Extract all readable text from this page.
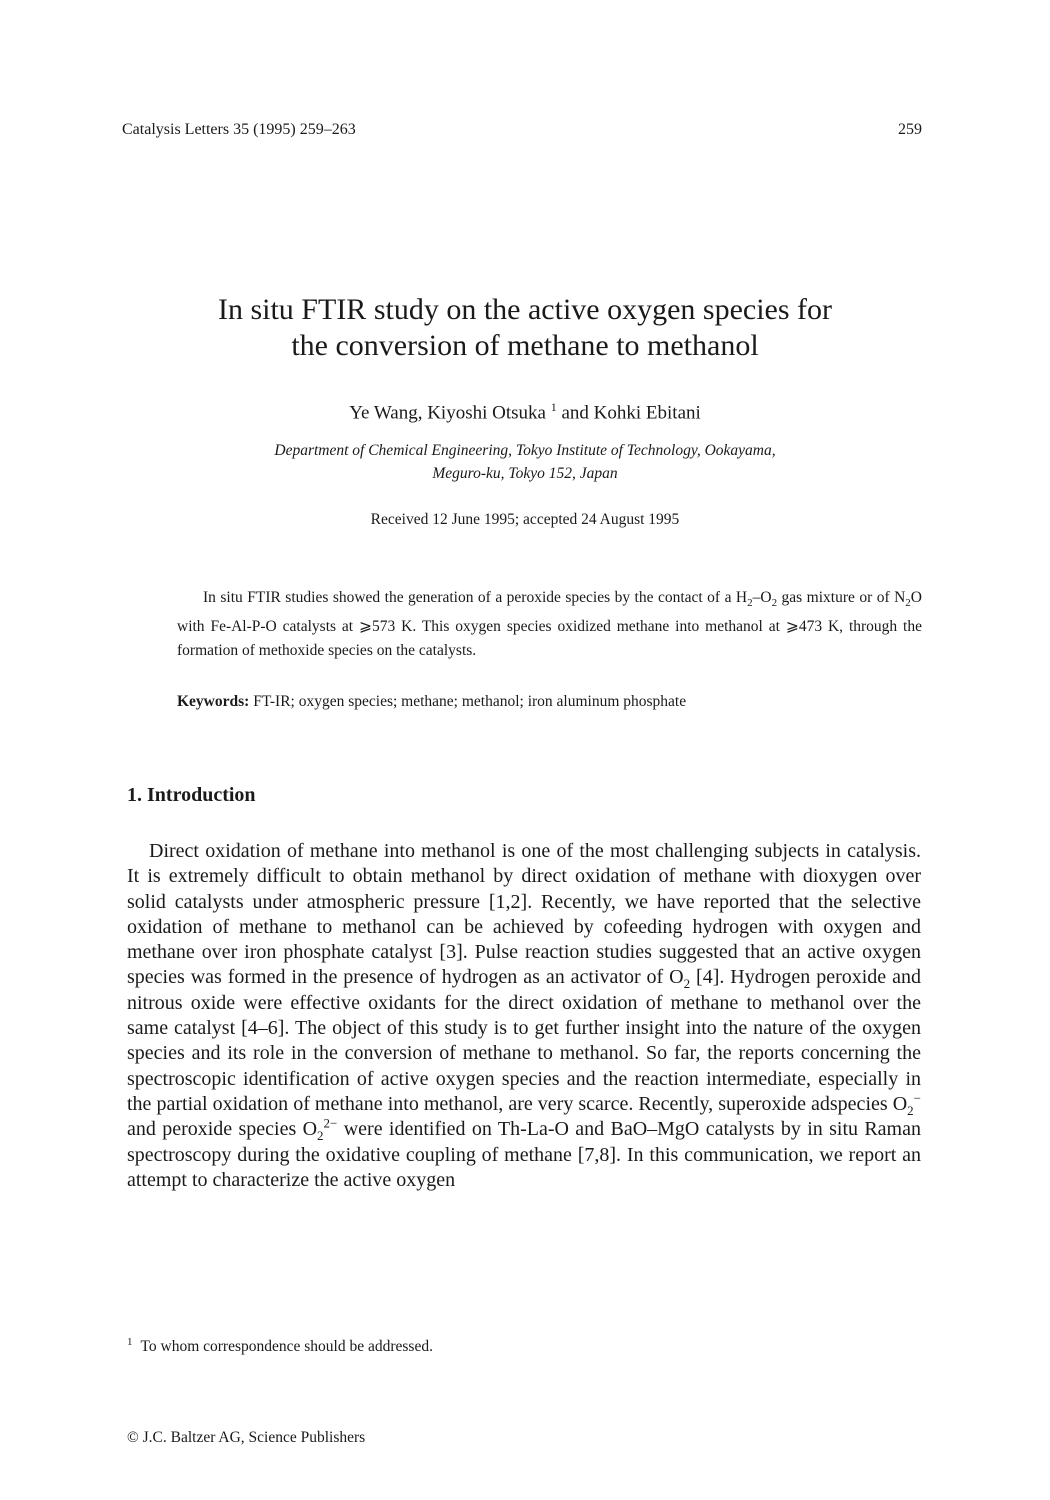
Catalysis Letters 35 (1995) 259–263	259
In situ FTIR study on the active oxygen species for
the conversion of methane to methanol
Ye Wang, Kiyoshi Otsuka $^1$ and Kohki Ebitani
Department of Chemical Engineering, Tokyo Institute of Technology, Ookayama,
Meguro-ku, Tokyo 152, Japan
Received 12 June 1995; accepted 24 August 1995
In situ FTIR studies showed the generation of a peroxide species by the contact of a $H_2-O_2$ gas mixture or of $N_2O$ with Fe-Al-P-O catalysts at ⩾573 K. This oxygen species oxidized methane into methanol at ⩾473 K, through the formation of methoxide species on the catalysts.
Keywords: FT-IR; oxygen species; methane; methanol; iron aluminum phosphate
1. Introduction
Direct oxidation of methane into methanol is one of the most challenging subjects in catalysis. It is extremely difficult to obtain methanol by direct oxidation of methane with dioxygen over solid catalysts under atmospheric pressure [1,2]. Recently, we have reported that the selective oxidation of methane to methanol can be achieved by cofeeding hydrogen with oxygen and methane over iron phosphate catalyst [3]. Pulse reaction studies suggested that an active oxygen species was formed in the presence of hydrogen as an activator of $O_2$ [4]. Hydrogen peroxide and nitrous oxide were effective oxidants for the direct oxidation of methane to methanol over the same catalyst [4–6]. The object of this study is to get further insight into the nature of the oxygen species and its role in the conversion of methane to methanol. So far, the reports concerning the spectroscopic identification of active oxygen species and the reaction intermediate, especially in the partial oxidation of methane into methanol, are very scarce. Recently, superoxide adspecies $O_2^-$ and peroxide species $O_2^{2-}$ were identified on Th-La-O and BaO–MgO catalysts by in situ Raman spectroscopy during the oxidative coupling of methane [7,8]. In this communication, we report an attempt to characterize the active oxygen
$^1$ To whom correspondence should be addressed.
© J.C. Baltzer AG, Science Publishers
